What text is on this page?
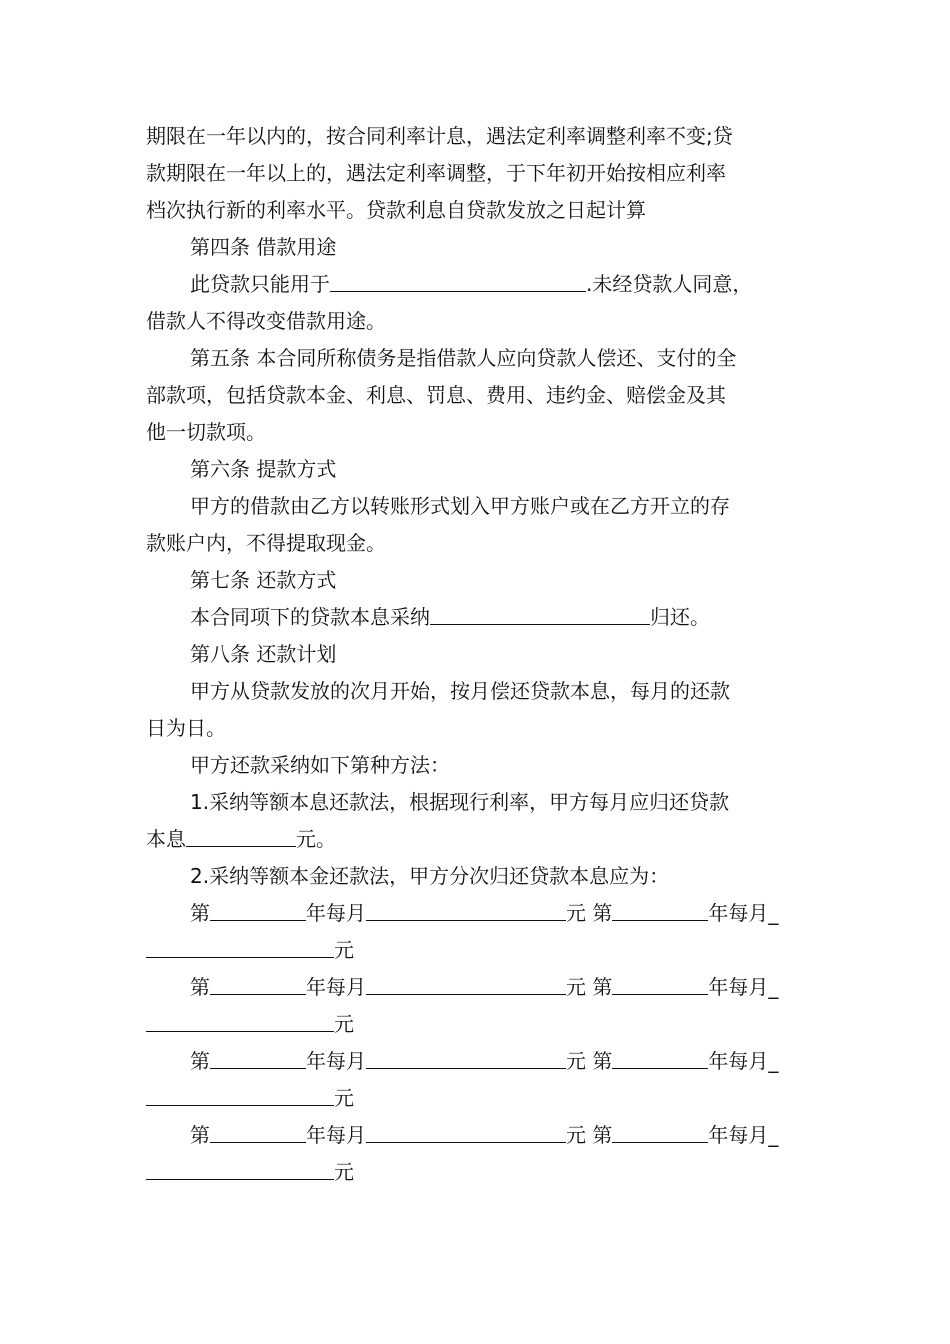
期限在一年以内的，按合同利率计息，遇法定利率调整利率不变;贷
款期限在一年以上的，遇法定利率调整，于下年初开始按相应利率
档次执行新的利率水平。贷款利息自贷款发放之日起计算
第四条 借款用途
此贷款只能用于	.未经贷款人同意，
借款人不得改变借款用途。
第五条 本合同所称债务是指借款人应向贷款人偿还、支付的全
部款项，包括贷款本金、利息、罚息、费用、违约金、赔偿金及其
他一切款项。
第六条 提款方式
甲方的借款由乙方以转账形式划入甲方账户或在乙方开立的存
款账户内，不得提取现金。
第七条 还款方式
本合同项下的贷款本息采纳	归还。
第八条 还款计划
甲方从贷款发放的次月开始，按月偿还贷款本息，每月的还款
日为日。
甲方还款采纳如下第种方法：
1.采纳等额本息还款法，根据现行利率，甲方每月应归还贷款
本息	元。
2.采纳等额本金还款法，甲方分次归还贷款本息应为：
第	年每月	元 第	年每月_
元
第	年每月	元 第	年每月_
元
第	年每月	元 第	年每月_
元
第	年每月	元 第	年每月_
元
